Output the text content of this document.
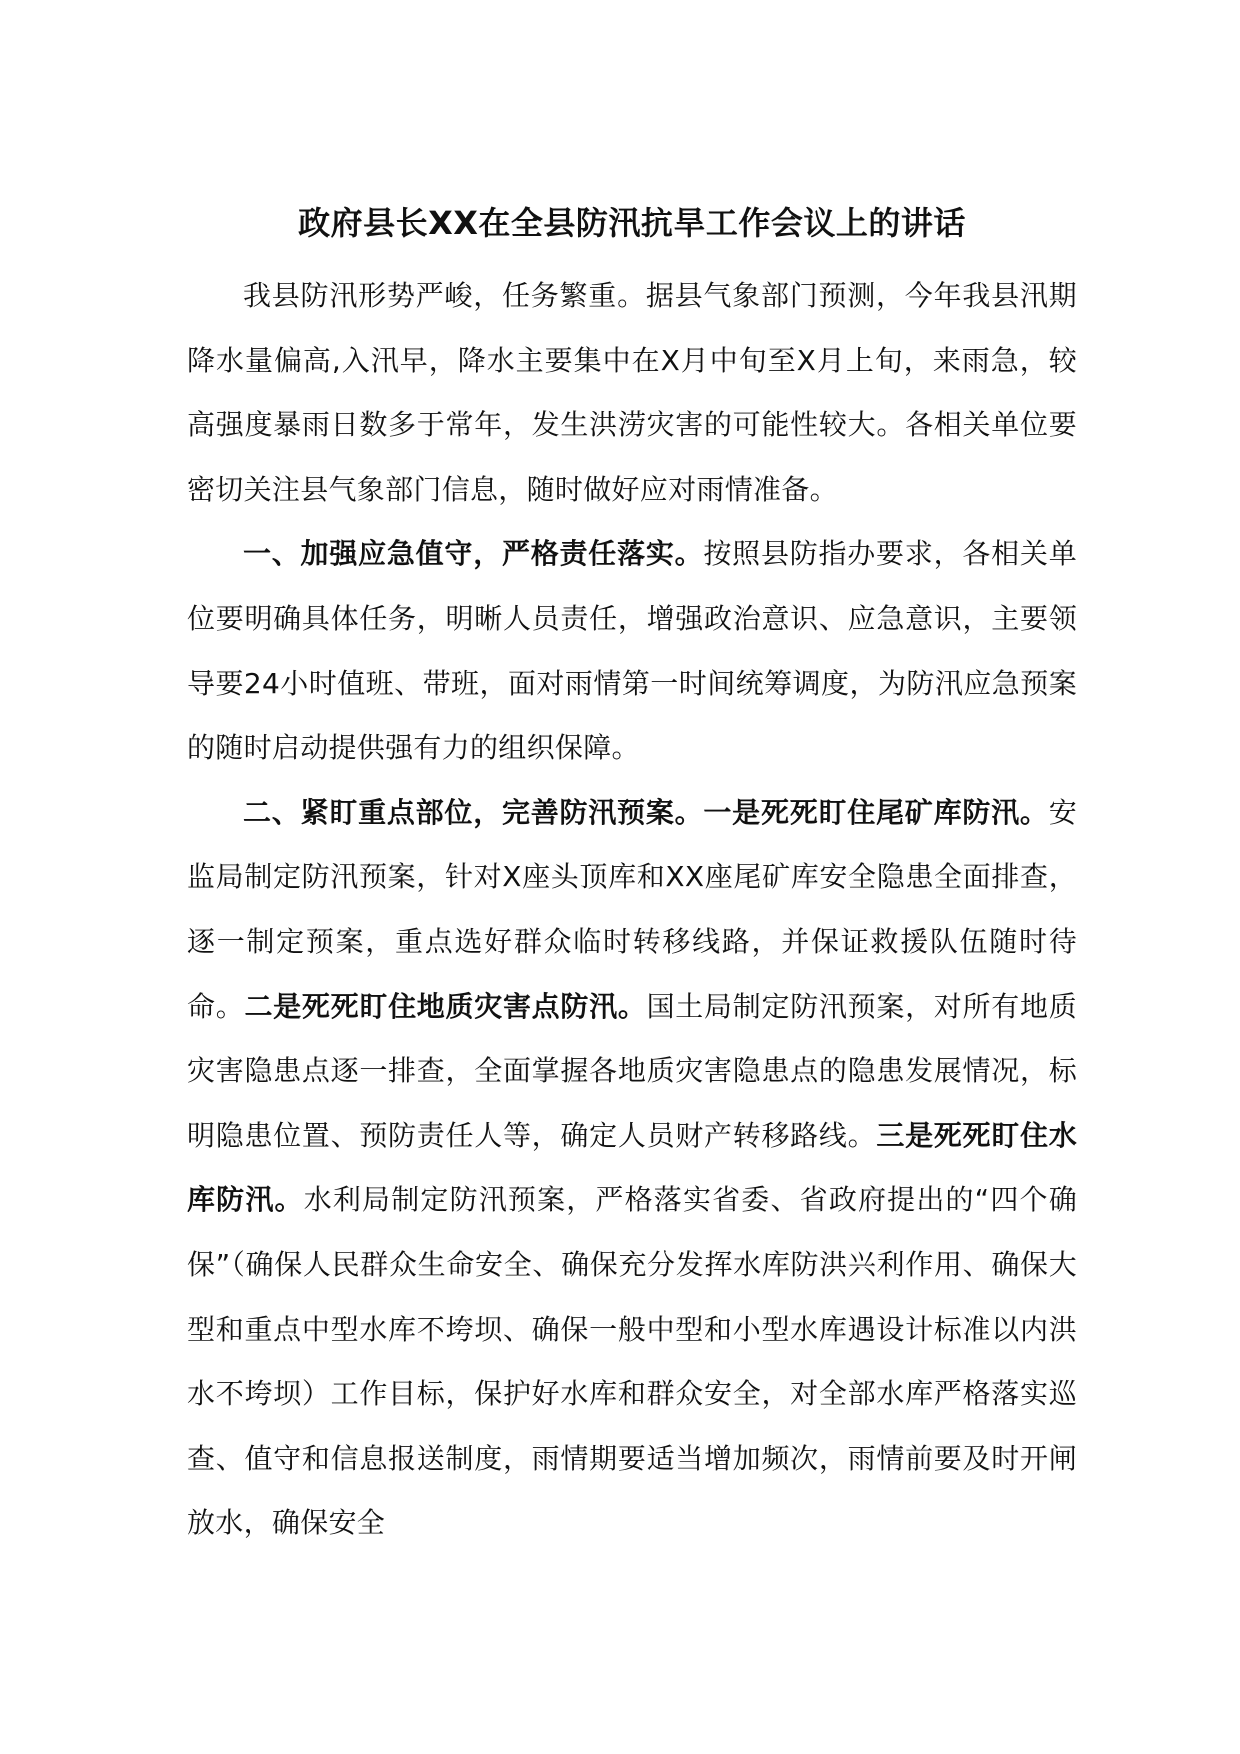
政府县长XX在全县防汛抗旱工作会议上的讲话

我县防汛形势严峻，任务繁重。据县气象部门预测，今年我县汛期降水量偏高,入汛早，降水主要集中在X月中旬至X月上旬，来雨急，较高强度暴雨日数多于常年，发生洪涝灾害的可能性较大。各相关单位要密切关注县气象部门信息，随时做好应对雨情准备。

一、加强应急值守，严格责任落实。按照县防指办要求，各相关单位要明确具体任务，明晰人员责任，增强政治意识、应急意识，主要领导要24小时值班、带班，面对雨情第一时间统筹调度，为防汛应急预案的随时启动提供强有力的组织保障。

二、紧盯重点部位，完善防汛预案。一是死死盯住尾矿库防汛。安监局制定防汛预案，针对X座头顶库和XX座尾矿库安全隐患全面排查，逐一制定预案，重点选好群众临时转移线路，并保证救援队伍随时待命。二是死死盯住地质灾害点防汛。国土局制定防汛预案，对所有地质灾害隐患点逐一排查，全面掌握各地质灾害隐患点的隐患发展情况，标明隐患位置、预防责任人等，确定人员财产转移路线。三是死死盯住水库防汛。水利局制定防汛预案，严格落实省委、省政府提出的“四个确保”（确保人民群众生命安全、确保充分发挥水库防洪兴利作用、确保大型和重点中型水库不垮坝、确保一般中型和小型水库遇设计标准以内洪水不垮坝）工作目标，保护好水库和群众安全，对全部水库严格落实巡查、值守和信息报送制度，雨情期要适当增加频次，雨情前要及时开闸放水，确保安全
